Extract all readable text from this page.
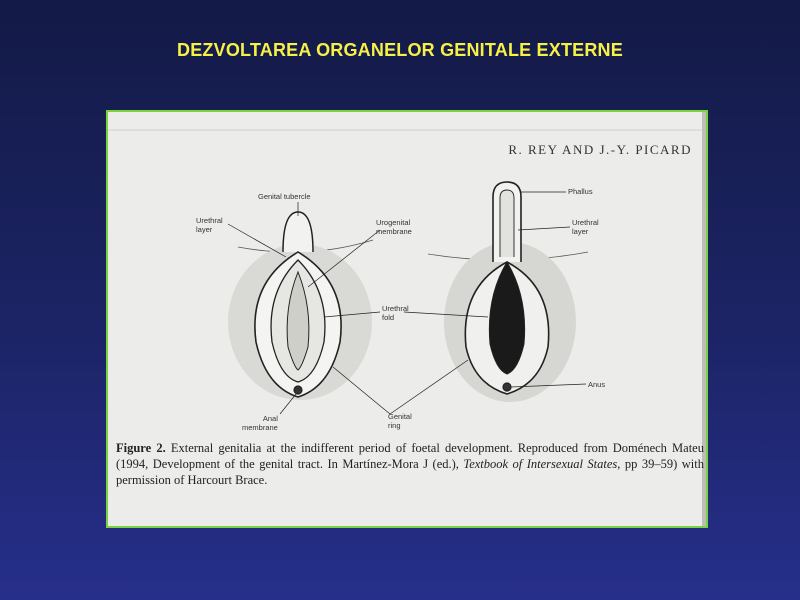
DEZVOLTAREA ORGANELOR GENITALE EXTERNE
R. REY AND J.-Y. PICARD
Genital tubercle
Urethral
layer
Urogenital
membrane
Urethral
fold
Anal
membrane
Genital
ring
Phallus
Urethral
layer
Anus
Figure 2. External genitalia at the indifferent period of foetal development. Reproduced from Doménech Mateu (1994, Development of the genital tract. In Martínez-Mora J (ed.), Textbook of Intersexual States, pp 39–59) with permission of Harcourt Brace.
